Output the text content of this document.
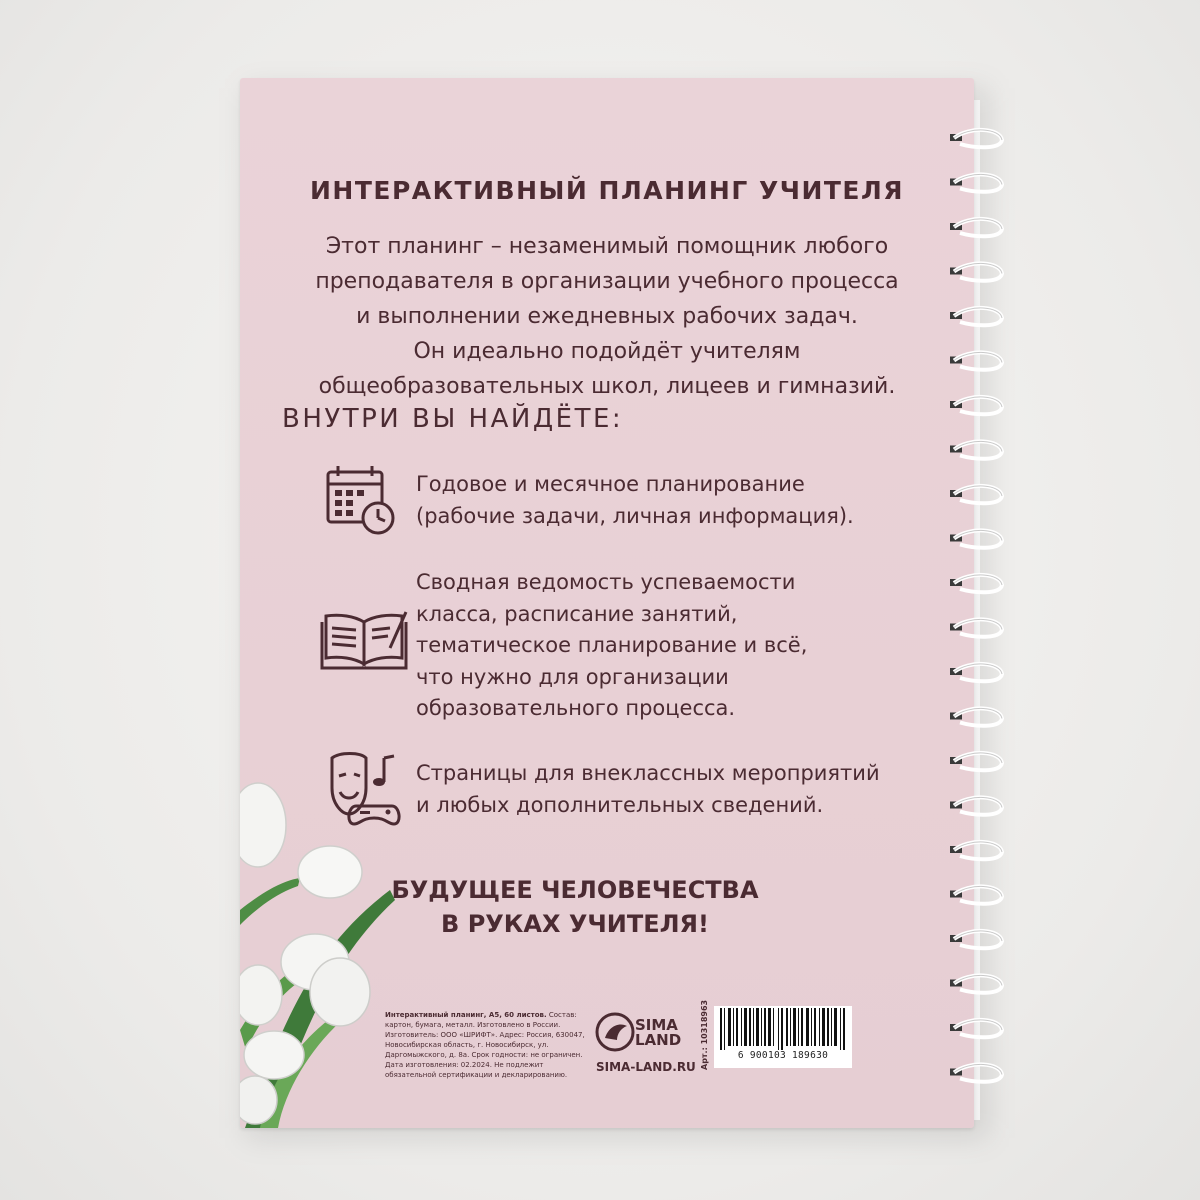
ИНТЕРАКТИВНЫЙ ПЛАНИНГ УЧИТЕЛЯ
Этот планинг – незаменимый помощник любого
преподавателя в организации учебного процесса
и выполнении ежедневных рабочих задач.
Он идеально подойдёт учителям
общеобразовательных школ, лицеев и гимназий.
ВНУТРИ ВЫ НАЙДЁТЕ:
Годовое и месячное планирование
(рабочие задачи, личная информация).
Сводная ведомость успеваемости
класса, расписание занятий,
тематическое планирование и всё,
что нужно для организации
образовательного процесса.
Страницы для внеклассных мероприятий
и любых дополнительных сведений.
БУДУЩЕЕ ЧЕЛОВЕЧЕСТВА
В РУКАХ УЧИТЕЛЯ!
Интерактивный планинг, А5, 60 листов. Состав: картон, бумага, металл. Изготовлено в России. Изготовитель: ООО «ШРИФТ». Адрес: Россия, 630047, Новосибирская область, г. Новосибирск, ул. Даргомыжского, д. 8а. Срок годности: не ограничен. Дата изготовления: 02.2024. Не подлежит обязательной сертификации и декларированию.
SIMA
LAND
SIMA-LAND.RU Арт.: 10318963	6 900103 189630
